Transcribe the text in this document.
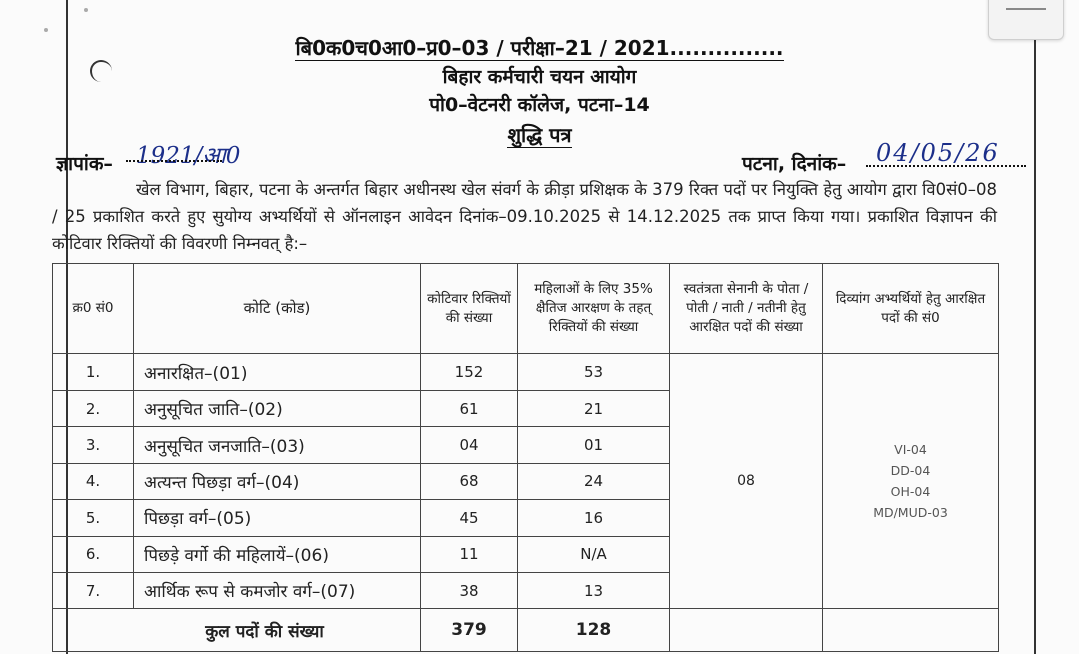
बि0क0च0आ0–प्र0–03 / परीक्षा–21 / 2021...............
बिहार कर्मचारी चयन आयोग
पो0–वेटनरी कॉलेज, पटना–14
शुद्धि पत्र
ज्ञापांक– 1921/आ0	पटना, दिनांक– 04/05/26
खेल विभाग, बिहार, पटना के अन्तर्गत बिहार अधीनस्थ खेल संवर्ग के क्रीड़ा प्रशिक्षक के 379 रिक्त पदों पर नियुक्ति हेतु आयोग द्वारा वि0सं0–08 / 25 प्रकाशित करते हुए सुयोग्य अभ्यर्थियों से ऑनलाइन आवेदन दिनांक–09.10.2025 से 14.12.2025 तक प्राप्त किया गया। प्रकाशित विज्ञापन की कोटिवार रिक्तियों की विवरणी निम्नवत् है:–
क्र0 सं0	कोटि (कोड)	कोटिवार रिक्तियों की संख्या	महिलाओं के लिए 35% क्षैतिज आरक्षण के तहत् रिक्तियों की संख्या	स्वतंत्रता सेनानी के पोता / पोती / नाती / नतीनी हेतु आरक्षित पदों की संख्या	दिव्यांग अभ्यर्थियों हेतु आरक्षित पदों की सं0
1.	अनारक्षित–(01)	152	53	08	VI-04
DD-04
OH-04
MD/MUD-03

2.	अनुसूचित जाति–(02)	61	21		
3.	अनुसूचित जनजाति–(03)	04	01		
4.	अत्यन्त पिछड़ा वर्ग–(04)	68	24		
5.	पिछड़ा वर्ग–(05)	45	16		
6.	पिछड़े वर्गो की महिलायें–(06)	11	N/A		
7.	आर्थिक रूप से कमजोर वर्ग–(07)	38	13		
कुल पदों की संख्या		379	128		
